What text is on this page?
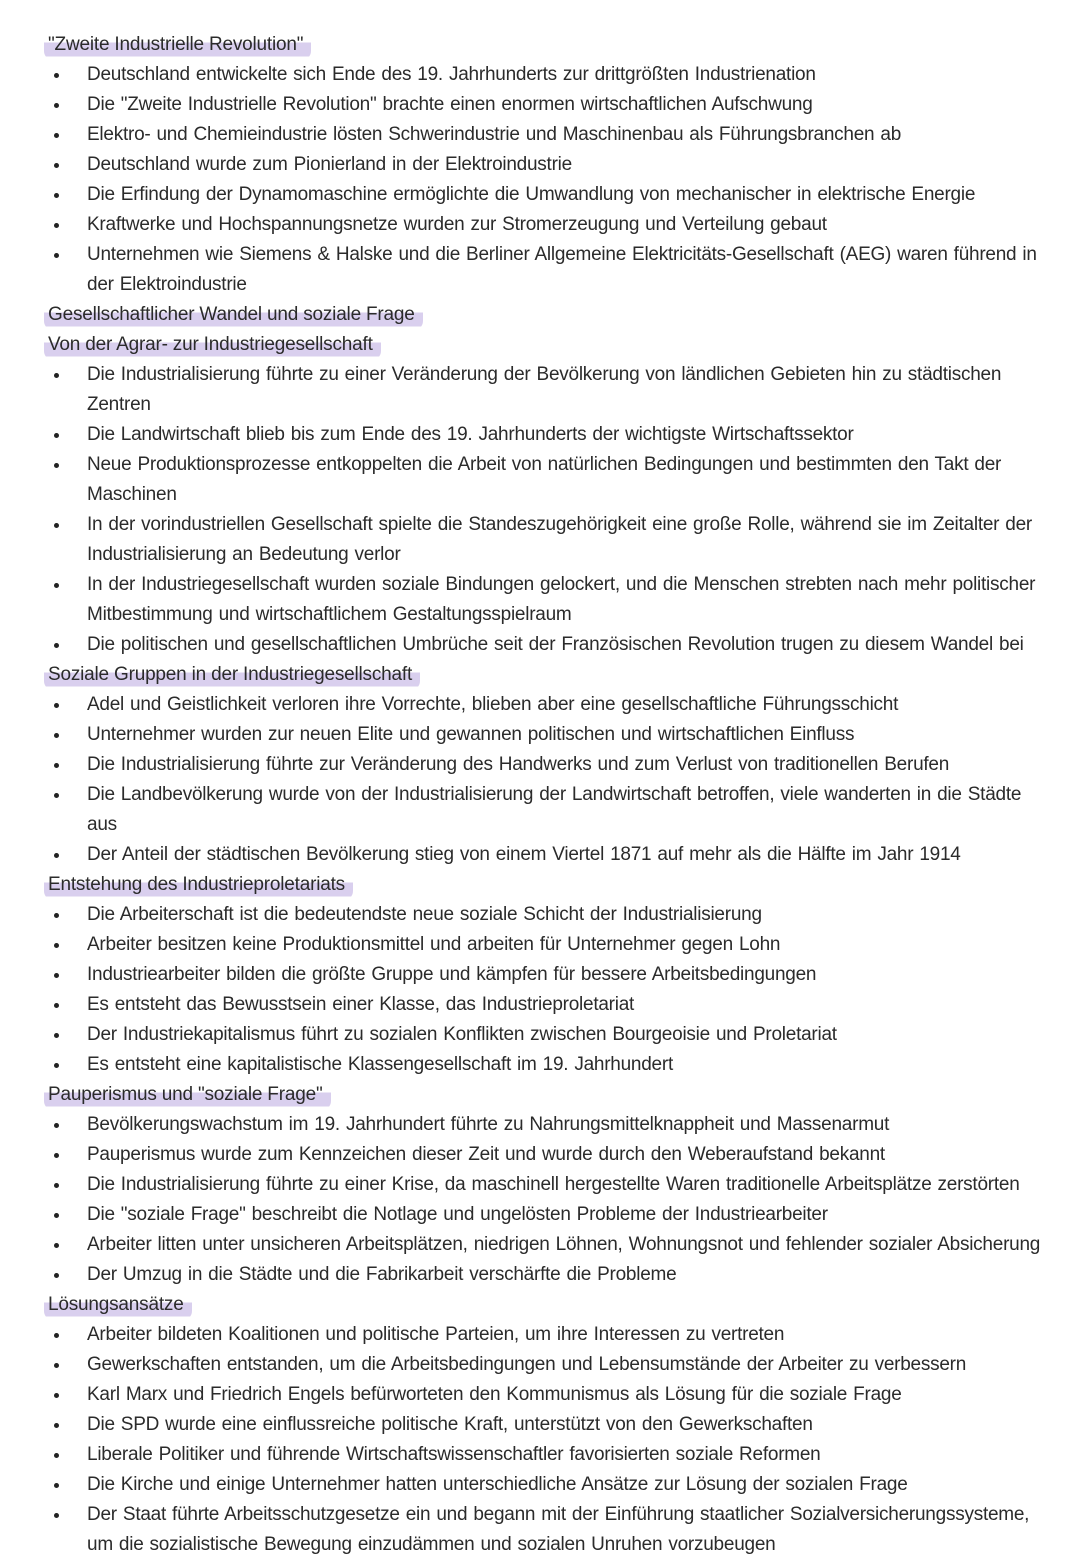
"Zweite Industrielle Revolution"
Deutschland entwickelte sich Ende des 19. Jahrhunderts zur drittgrößten Industrienation
Die "Zweite Industrielle Revolution" brachte einen enormen wirtschaftlichen Aufschwung
Elektro- und Chemieindustrie lösten Schwerindustrie und Maschinenbau als Führungsbranchen ab
Deutschland wurde zum Pionierland in der Elektroindustrie
Die Erfindung der Dynamomaschine ermöglichte die Umwandlung von mechanischer in elektrische Energie
Kraftwerke und Hochspannungsnetze wurden zur Stromerzeugung und Verteilung gebaut
Unternehmen wie Siemens & Halske und die Berliner Allgemeine Elektricitäts-Gesellschaft (AEG) waren führend in der Elektroindustrie
Gesellschaftlicher Wandel und soziale Frage
Von der Agrar- zur Industriegesellschaft
Die Industrialisierung führte zu einer Veränderung der Bevölkerung von ländlichen Gebieten hin zu städtischen Zentren
Die Landwirtschaft blieb bis zum Ende des 19. Jahrhunderts der wichtigste Wirtschaftssektor
Neue Produktionsprozesse entkoppelten die Arbeit von natürlichen Bedingungen und bestimmten den Takt der Maschinen
In der vorindustriellen Gesellschaft spielte die Standeszugehörigkeit eine große Rolle, während sie im Zeitalter der Industrialisierung an Bedeutung verlor
In der Industriegesellschaft wurden soziale Bindungen gelockert, und die Menschen strebten nach mehr politischer Mitbestimmung und wirtschaftlichem Gestaltungsspielraum
Die politischen und gesellschaftlichen Umbrüche seit der Französischen Revolution trugen zu diesem Wandel bei
Soziale Gruppen in der Industriegesellschaft
Adel und Geistlichkeit verloren ihre Vorrechte, blieben aber eine gesellschaftliche Führungsschicht
Unternehmer wurden zur neuen Elite und gewannen politischen und wirtschaftlichen Einfluss
Die Industrialisierung führte zur Veränderung des Handwerks und zum Verlust von traditionellen Berufen
Die Landbevölkerung wurde von der Industrialisierung der Landwirtschaft betroffen, viele wanderten in die Städte aus
Der Anteil der städtischen Bevölkerung stieg von einem Viertel 1871 auf mehr als die Hälfte im Jahr 1914
Entstehung des Industrieproletariats
Die Arbeiterschaft ist die bedeutendste neue soziale Schicht der Industrialisierung
Arbeiter besitzen keine Produktionsmittel und arbeiten für Unternehmer gegen Lohn
Industriearbeiter bilden die größte Gruppe und kämpfen für bessere Arbeitsbedingungen
Es entsteht das Bewusstsein einer Klasse, das Industrieproletariat
Der Industriekapitalismus führt zu sozialen Konflikten zwischen Bourgeoisie und Proletariat
Es entsteht eine kapitalistische Klassengesellschaft im 19. Jahrhundert
Pauperismus und "soziale Frage"
Bevölkerungswachstum im 19. Jahrhundert führte zu Nahrungsmittelknappheit und Massenarmut
Pauperismus wurde zum Kennzeichen dieser Zeit und wurde durch den Weberaufstand bekannt
Die Industrialisierung führte zu einer Krise, da maschinell hergestellte Waren traditionelle Arbeitsplätze zerstörten
Die "soziale Frage" beschreibt die Notlage und ungelösten Probleme der Industriearbeiter
Arbeiter litten unter unsicheren Arbeitsplätzen, niedrigen Löhnen, Wohnungsnot und fehlender sozialer Absicherung
Der Umzug in die Städte und die Fabrikarbeit verschärfte die Probleme
Lösungsansätze
Arbeiter bildeten Koalitionen und politische Parteien, um ihre Interessen zu vertreten
Gewerkschaften entstanden, um die Arbeitsbedingungen und Lebensumstände der Arbeiter zu verbessern
Karl Marx und Friedrich Engels befürworteten den Kommunismus als Lösung für die soziale Frage
Die SPD wurde eine einflussreiche politische Kraft, unterstützt von den Gewerkschaften
Liberale Politiker und führende Wirtschaftswissenschaftler favorisierten soziale Reformen
Die Kirche und einige Unternehmer hatten unterschiedliche Ansätze zur Lösung der sozialen Frage
Der Staat führte Arbeitsschutzgesetze ein und begann mit der Einführung staatlicher Sozialversicherungssysteme, um die sozialistische Bewegung einzudämmen und sozialen Unruhen vorzubeugen
